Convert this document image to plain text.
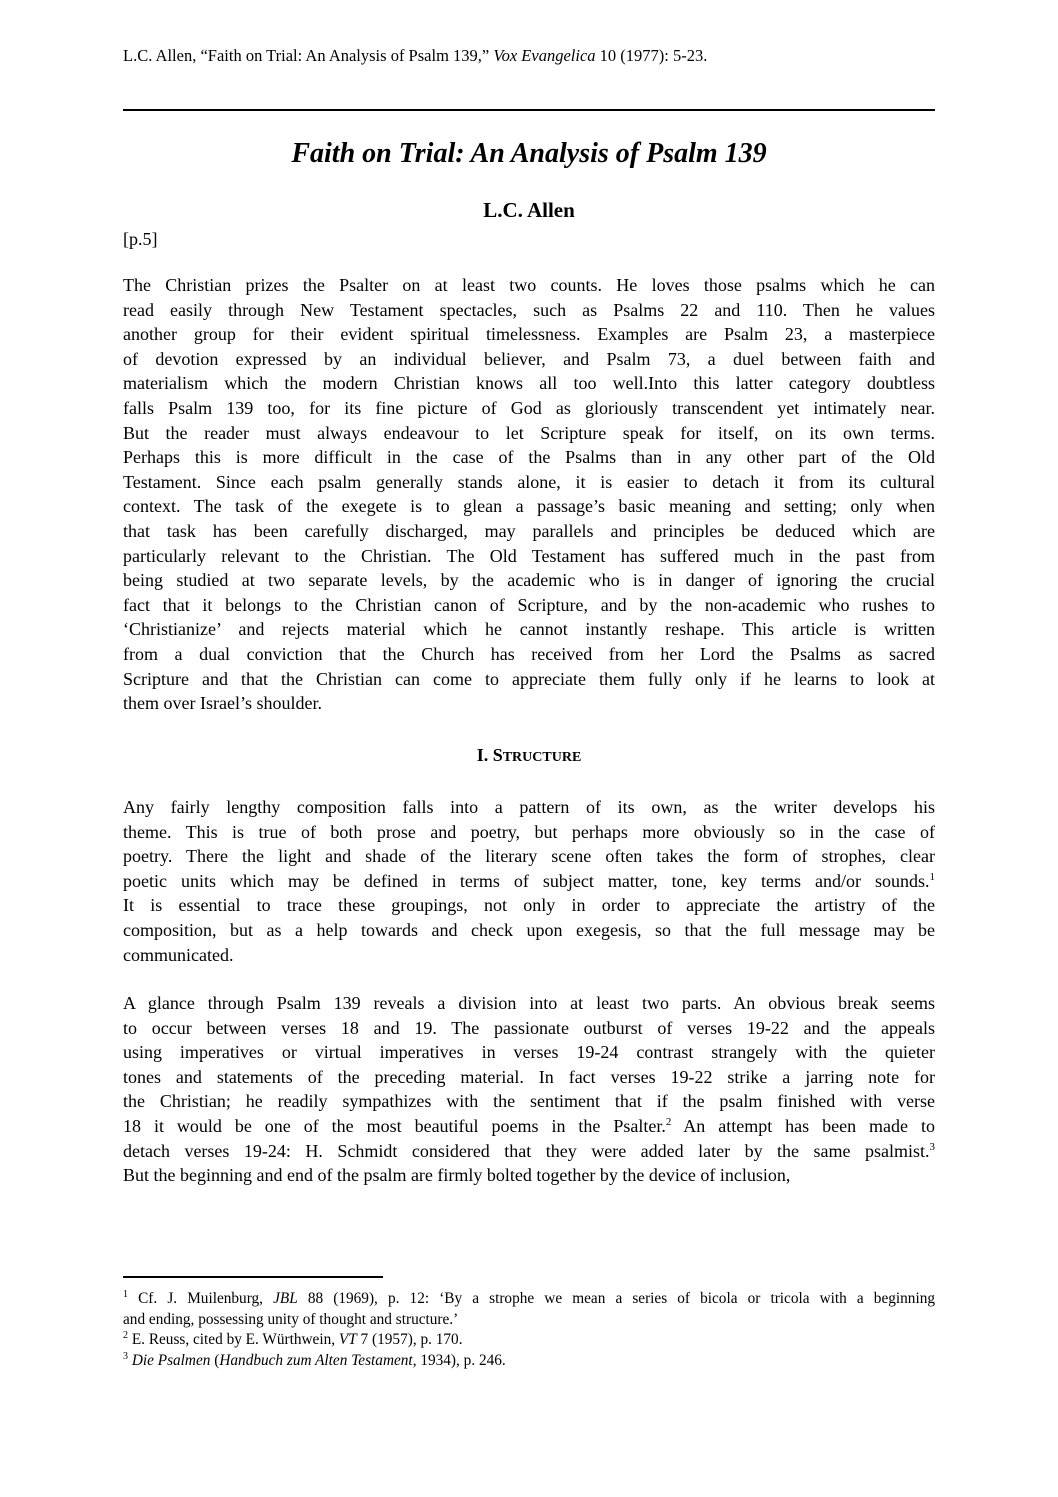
L.C. Allen, “Faith on Trial: An Analysis of Psalm 139,” Vox Evangelica 10 (1977): 5-23.
Faith on Trial: An Analysis of Psalm 139
L.C. Allen
[p.5]
The Christian prizes the Psalter on at least two counts. He loves those psalms which he can
read easily through New Testament spectacles, such as Psalms 22 and 110. Then he values
another group for their evident spiritual timelessness. Examples are Psalm 23, a masterpiece
of devotion expressed by an individual believer, and Psalm 73, a duel between faith and
materialism which the modern Christian knows all too well.Into this latter category doubtless
falls Psalm 139 too, for its fine picture of God as gloriously transcendent yet intimately near.
But the reader must always endeavour to let Scripture speak for itself, on its own terms.
Perhaps this is more difficult in the case of the Psalms than in any other part of the Old
Testament. Since each psalm generally stands alone, it is easier to detach it from its cultural
context. The task of the exegete is to glean a passage’s basic meaning and setting; only when
that task has been carefully discharged, may parallels and principles be deduced which are
particularly relevant to the Christian. The Old Testament has suffered much in the past from
being studied at two separate levels, by the academic who is in danger of ignoring the crucial
fact that it belongs to the Christian canon of Scripture, and by the non-academic who rushes to
‘Christianize’ and rejects material which he cannot instantly reshape. This article is written
from a dual conviction that the Church has received from her Lord the Psalms as sacred
Scripture and that the Christian can come to appreciate them fully only if he learns to look at
them over Israel’s shoulder.
I. STRUCTURE
Any fairly lengthy composition falls into a pattern of its own, as the writer develops his
theme. This is true of both prose and poetry, but perhaps more obviously so in the case of
poetry. There the light and shade of the literary scene often takes the form of strophes, clear
poetic units which may be defined in terms of subject matter, tone, key terms and/or sounds.$^1$
It is essential to trace these groupings, not only in order to appreciate the artistry of the
composition, but as a help towards and check upon exegesis, so that the full message may be
communicated.
A glance through Psalm 139 reveals a division into at least two parts. An obvious break seems
to occur between verses 18 and 19. The passionate outburst of verses 19-22 and the appeals
using imperatives or virtual imperatives in verses 19-24 contrast strangely with the quieter
tones and statements of the preceding material. In fact verses 19-22 strike a jarring note for
the Christian; he readily sympathizes with the sentiment that if the psalm finished with verse
18 it would be one of the most beautiful poems in the Psalter.$^2$ An attempt has been made to
detach verses 19-24: H. Schmidt considered that they were added later by the same psalmist.$^3$
But the beginning and end of the psalm are firmly bolted together by the device of inclusion,
$^1$ Cf. J. Muilenburg, JBL 88 (1969), p. 12: ‘By a strophe we mean a series of bicola or tricola with a beginning
and ending, possessing unity of thought and structure.’
$^2$ E. Reuss, cited by E. Würthwein, VT 7 (1957), p. 170.
$^3$ Die Psalmen (Handbuch zum Alten Testament, 1934), p. 246.
